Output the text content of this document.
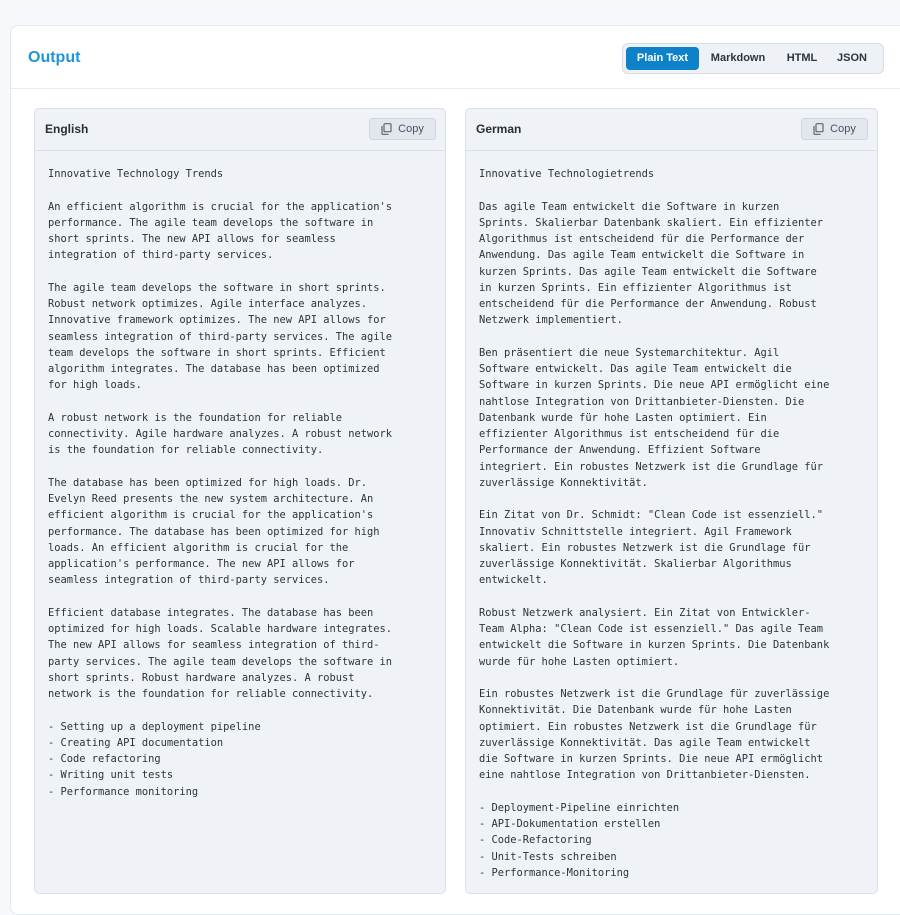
Output	Plain Text	Markdown	HTML	JSON
English	Copy
Innovative Technology Trends

An efficient algorithm is crucial for the application's
performance. The agile team develops the software in
short sprints. The new API allows for seamless
integration of third-party services.

The agile team develops the software in short sprints.
Robust network optimizes. Agile interface analyzes.
Innovative framework optimizes. The new API allows for
seamless integration of third-party services. The agile
team develops the software in short sprints. Efficient
algorithm integrates. The database has been optimized
for high loads.

A robust network is the foundation for reliable
connectivity. Agile hardware analyzes. A robust network
is the foundation for reliable connectivity.

The database has been optimized for high loads. Dr.
Evelyn Reed presents the new system architecture. An
efficient algorithm is crucial for the application's
performance. The database has been optimized for high
loads. An efficient algorithm is crucial for the
application's performance. The new API allows for
seamless integration of third-party services.

Efficient database integrates. The database has been
optimized for high loads. Scalable hardware integrates.
The new API allows for seamless integration of third-
party services. The agile team develops the software in
short sprints. Robust hardware analyzes. A robust
network is the foundation for reliable connectivity.

- Setting up a deployment pipeline
- Creating API documentation
- Code refactoring
- Writing unit tests
- Performance monitoring
German	Copy
Innovative Technologietrends

Das agile Team entwickelt die Software in kurzen
Sprints. Skalierbar Datenbank skaliert. Ein effizienter
Algorithmus ist entscheidend für die Performance der
Anwendung. Das agile Team entwickelt die Software in
kurzen Sprints. Das agile Team entwickelt die Software
in kurzen Sprints. Ein effizienter Algorithmus ist
entscheidend für die Performance der Anwendung. Robust
Netzwerk implementiert.

Ben präsentiert die neue Systemarchitektur. Agil
Software entwickelt. Das agile Team entwickelt die
Software in kurzen Sprints. Die neue API ermöglicht eine
nahtlose Integration von Drittanbieter-Diensten. Die
Datenbank wurde für hohe Lasten optimiert. Ein
effizienter Algorithmus ist entscheidend für die
Performance der Anwendung. Effizient Software
integriert. Ein robustes Netzwerk ist die Grundlage für
zuverlässige Konnektivität.

Ein Zitat von Dr. Schmidt: "Clean Code ist essenziell."
Innovativ Schnittstelle integriert. Agil Framework
skaliert. Ein robustes Netzwerk ist die Grundlage für
zuverlässige Konnektivität. Skalierbar Algorithmus
entwickelt.

Robust Netzwerk analysiert. Ein Zitat von Entwickler-
Team Alpha: "Clean Code ist essenziell." Das agile Team
entwickelt die Software in kurzen Sprints. Die Datenbank
wurde für hohe Lasten optimiert.

Ein robustes Netzwerk ist die Grundlage für zuverlässige
Konnektivität. Die Datenbank wurde für hohe Lasten
optimiert. Ein robustes Netzwerk ist die Grundlage für
zuverlässige Konnektivität. Das agile Team entwickelt
die Software in kurzen Sprints. Die neue API ermöglicht
eine nahtlose Integration von Drittanbieter-Diensten.

- Deployment-Pipeline einrichten
- API-Dokumentation erstellen
- Code-Refactoring
- Unit-Tests schreiben
- Performance-Monitoring
